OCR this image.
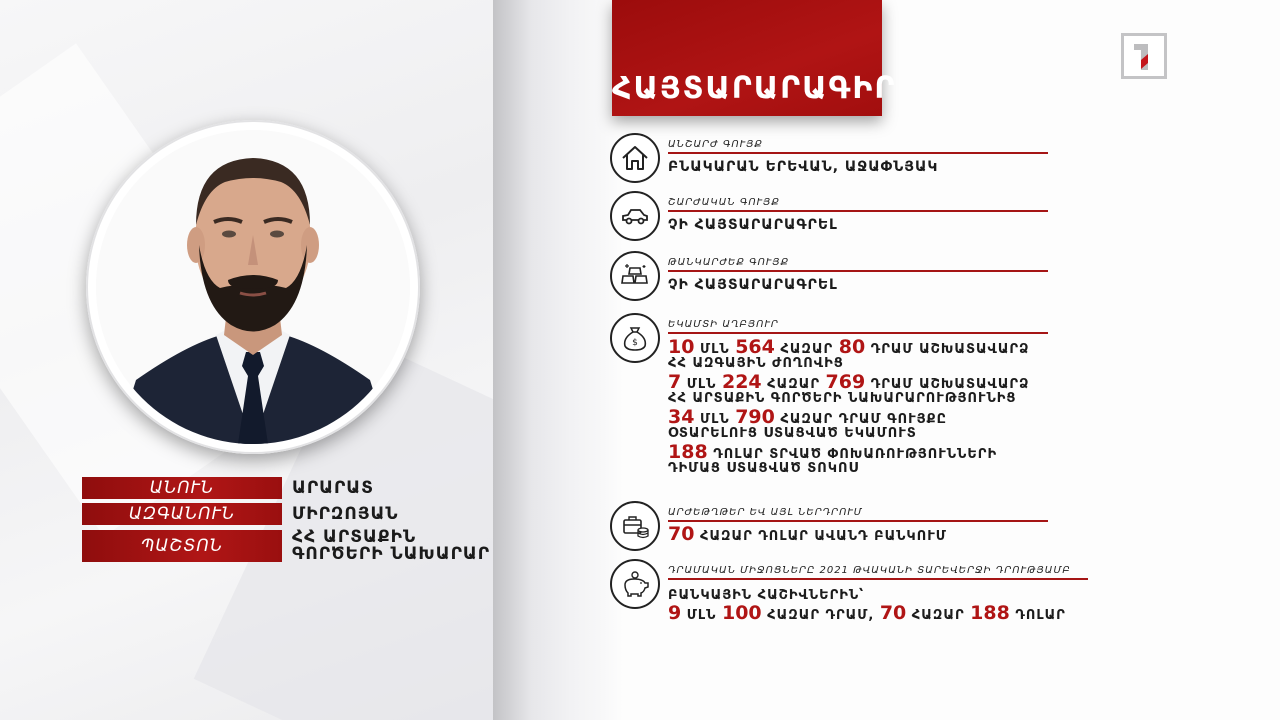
ԱՆՈՒՆ	ԱՐԱՐԱՏ
ԱԶԳԱՆՈՒՆ	ՄԻՐԶՈՅԱՆ
ՊԱՇՏՈՆ	ՀՀ ԱՐՏԱՔԻՆ
ԳՈՐԾԵՐԻ ՆԱԽԱՐԱՐ
ՀԱՅՏԱՐԱՐԱԳԻՐ
ԱՆՇԱՐԺ ԳՈՒՅՔ
ԲՆԱԿԱՐԱՆ ԵՐԵՎԱՆ, ԱՋԱՓՆՅԱԿ
ՇԱՐԺԱԿԱՆ ԳՈՒՅՔ
ՉԻ ՀԱՅՏԱՐԱՐԱԳՐԵԼ
ԹԱՆԿԱՐԺԵՔ ԳՈՒՅՔ
ՉԻ ՀԱՅՏԱՐԱՐԱԳՐԵԼ
$
ԵԿԱՄՏԻ ԱՂԲՅՈՒՐ
10 ՄԼՆ 564 ՀԱԶԱՐ 80 ԴՐԱՄ ԱՇԽԱՏԱՎԱՐՁ
ՀՀ ԱԶԳԱՅԻՆ ԺՈՂՈՎԻՑ
7 ՄԼՆ 224 ՀԱԶԱՐ 769 ԴՐԱՄ ԱՇԽԱՏԱՎԱՐՁ
ՀՀ ԱՐՏԱՔԻՆ ԳՈՐԾԵՐԻ ՆԱԽԱՐԱՐՈՒԹՅՈՒՆԻՑ
34 ՄԼՆ 790 ՀԱԶԱՐ ԴՐԱՄ ԳՈՒՅՔԸ
ՕՏԱՐԵԼՈՒՑ ՍՏԱՑՎԱԾ ԵԿԱՄՈՒՏ
188 ԴՈԼԱՐ ՏՐՎԱԾ ՓՈԽԱՌՈՒԹՅՈՒՆՆԵՐԻ
ԴԻՄԱՑ ՍՏԱՑՎԱԾ ՏՈԿՈՍ
ԱՐԺԵԹՂԹԵՐ ԵՎ ԱՅԼ ՆԵՐԴՐՈՒՄ
70 ՀԱԶԱՐ ԴՈԼԱՐ ԱՎԱՆԴ ԲԱՆԿՈՒՄ
ԴՐԱՄԱԿԱՆ ՄԻՋՈՑՆԵՐԸ 2021 ԹՎԱԿԱՆԻ ՏԱՐԵՎԵՐՋԻ ԴՐՈՒԹՅԱՄԲ
ԲԱՆԿԱՅԻՆ ՀԱՇԻՎՆԵՐԻՆ՝
9 ՄԼՆ 100 ՀԱԶԱՐ ԴՐԱՄ, 70 ՀԱԶԱՐ 188 ԴՈԼԱՐ
